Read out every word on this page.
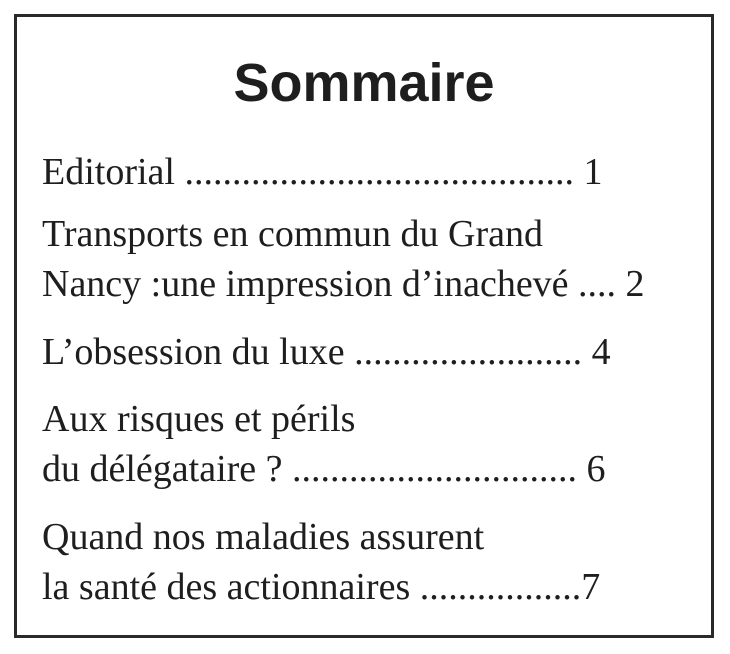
Sommaire
Editorial ......................................... 1
Transports en commun du Grand
Nancy :une impression d’inachevé .... 2
L’obsession du luxe ........................ 4
Aux risques et périls
du délégataire ? .............................. 6
Quand nos maladies assurent
la santé des actionnaires .................7
